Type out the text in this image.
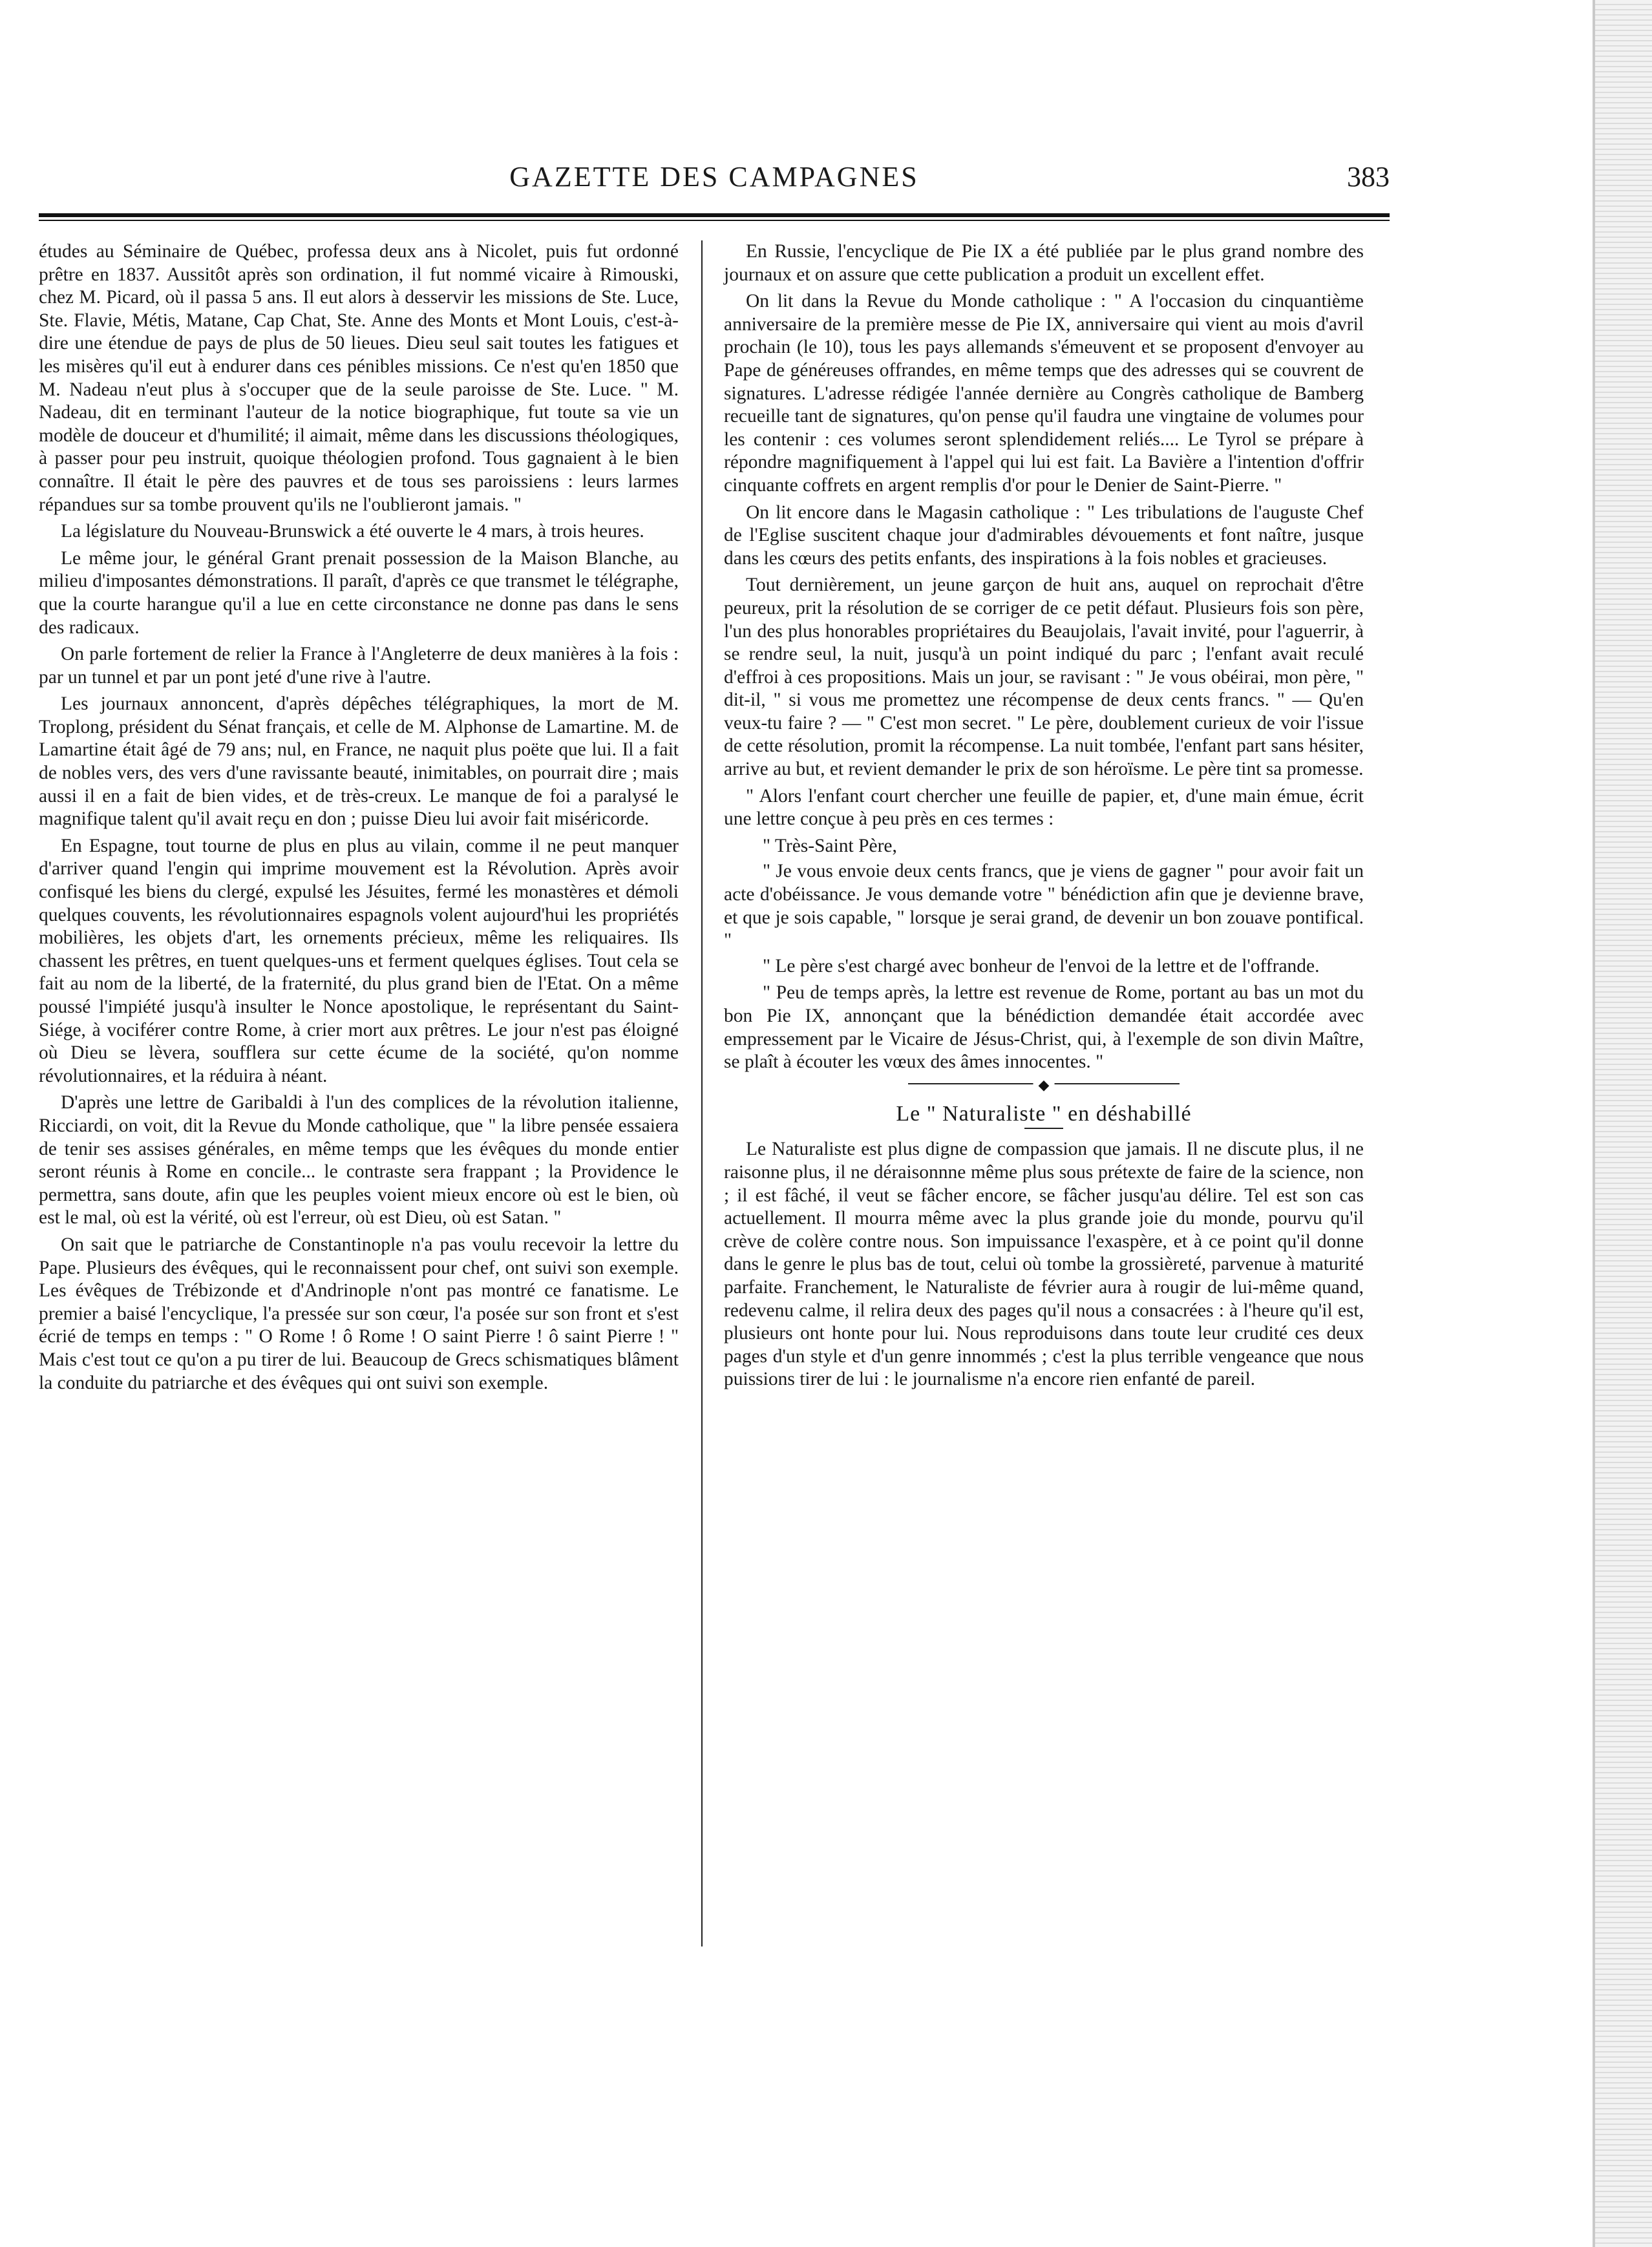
GAZETTE DES CAMPAGNES	383

études au Séminaire de Québec, professa deux ans à Nicolet, puis fut ordonné prêtre en 1837. Aussitôt après son ordination, il fut nommé vicaire à Rimouski, chez M. Picard, où il passa 5 ans. Il eut alors à desservir les missions de Ste. Luce, Ste. Flavie, Métis, Matane, Cap Chat, Ste. Anne des Monts et Mont Louis, c'est-à-dire une étendue de pays de plus de 50 lieues. Dieu seul sait toutes les fatigues et les misères qu'il eut à endurer dans ces pénibles missions. Ce n'est qu'en 1850 que M. Nadeau n'eut plus à s'occuper que de la seule paroisse de Ste. Luce. " M. Nadeau, dit en terminant l'auteur de la notice biographique, fut toute sa vie un modèle de douceur et d'humilité; il aimait, même dans les discussions théologiques, à passer pour peu instruit, quoique théologien profond. Tous gagnaient à le bien connaître. Il était le père des pauvres et de tous ses paroissiens : leurs larmes répandues sur sa tombe prouvent qu'ils ne l'oublieront jamais. "

La législature du Nouveau-Brunswick a été ouverte le 4 mars, à trois heures.

Le même jour, le général Grant prenait possession de la Maison Blanche, au milieu d'imposantes démonstrations. Il paraît, d'après ce que transmet le télégraphe, que la courte harangue qu'il a lue en cette circonstance ne donne pas dans le sens des radicaux.

On parle fortement de relier la France à l'Angleterre de deux manières à la fois : par un tunnel et par un pont jeté d'une rive à l'autre.

Les journaux annoncent, d'après dépêches télégraphiques, la mort de M. Troplong, président du Sénat français, et celle de M. Alphonse de Lamartine. M. de Lamartine était âgé de 79 ans; nul, en France, ne naquit plus poëte que lui. Il a fait de nobles vers, des vers d'une ravissante beauté, inimitables, on pourrait dire ; mais aussi il en a fait de bien vides, et de très-creux. Le manque de foi a paralysé le magnifique talent qu'il avait reçu en don ; puisse Dieu lui avoir fait miséricorde.

En Espagne, tout tourne de plus en plus au vilain, comme il ne peut manquer d'arriver quand l'engin qui imprime mouvement est la Révolution. Après avoir confisqué les biens du clergé, expulsé les Jésuites, fermé les monastères et démoli quelques couvents, les révolutionnaires espagnols volent aujourd'hui les propriétés mobilières, les objets d'art, les ornements précieux, même les reliquaires. Ils chassent les prêtres, en tuent quelques-uns et ferment quelques églises. Tout cela se fait au nom de la liberté, de la fraternité, du plus grand bien de l'Etat. On a même poussé l'impiété jusqu'à insulter le Nonce apostolique, le représentant du Saint-Siége, à vociférer contre Rome, à crier mort aux prêtres. Le jour n'est pas éloigné où Dieu se lèvera, soufflera sur cette écume de la société, qu'on nomme révolutionnaires, et la réduira à néant.

D'après une lettre de Garibaldi à l'un des complices de la révolution italienne, Ricciardi, on voit, dit la Revue du Monde catholique, que " la libre pensée essaiera de tenir ses assises générales, en même temps que les évêques du monde entier seront réunis à Rome en concile... le contraste sera frappant ; la Providence le permettra, sans doute, afin que les peuples voient mieux encore où est le bien, où est le mal, où est la vérité, où est l'erreur, où est Dieu, où est Satan. "

On sait que le patriarche de Constantinople n'a pas voulu recevoir la lettre du Pape. Plusieurs des évêques, qui le reconnaissent pour chef, ont suivi son exemple. Les évêques de Trébizonde et d'Andrinople n'ont pas montré ce fanatisme. Le premier a baisé l'encyclique, l'a pressée sur son cœur, l'a posée sur son front et s'est écrié de temps en temps : " O Rome ! ô Rome ! O saint Pierre ! ô saint Pierre ! " Mais c'est tout ce qu'on a pu tirer de lui. Beaucoup de Grecs schismatiques blâment la conduite du patriarche et des évêques qui ont suivi son exemple.

En Russie, l'encyclique de Pie IX a été publiée par le plus grand nombre des journaux et on assure que cette publication a produit un excellent effet.

On lit dans la Revue du Monde catholique : " A l'occasion du cinquantième anniversaire de la première messe de Pie IX, anniversaire qui vient au mois d'avril prochain (le 10), tous les pays allemands s'émeuvent et se proposent d'envoyer au Pape de généreuses offrandes, en même temps que des adresses qui se couvrent de signatures. L'adresse rédigée l'année dernière au Congrès catholique de Bamberg recueille tant de signatures, qu'on pense qu'il faudra une vingtaine de volumes pour les contenir : ces volumes seront splendidement reliés.... Le Tyrol se prépare à répondre magnifiquement à l'appel qui lui est fait. La Bavière a l'intention d'offrir cinquante coffrets en argent remplis d'or pour le Denier de Saint-Pierre. "

On lit encore dans le Magasin catholique : " Les tribulations de l'auguste Chef de l'Eglise suscitent chaque jour d'admirables dévouements et font naître, jusque dans les cœurs des petits enfants, des inspirations à la fois nobles et gracieuses.

Tout dernièrement, un jeune garçon de huit ans, auquel on reprochait d'être peureux, prit la résolution de se corriger de ce petit défaut. Plusieurs fois son père, l'un des plus honorables propriétaires du Beaujolais, l'avait invité, pour l'aguerrir, à se rendre seul, la nuit, jusqu'à un point indiqué du parc ; l'enfant avait reculé d'effroi à ces propositions. Mais un jour, se ravisant : " Je vous obéirai, mon père, " dit-il, " si vous me promettez une récompense de deux cents francs. " — Qu'en veux-tu faire ? — " C'est mon secret. " Le père, doublement curieux de voir l'issue de cette résolution, promit la récompense. La nuit tombée, l'enfant part sans hésiter, arrive au but, et revient demander le prix de son héroïsme. Le père tint sa promesse.

" Alors l'enfant court chercher une feuille de papier, et, d'une main émue, écrit une lettre conçue à peu près en ces termes :

" Très-Saint Père,

" Je vous envoie deux cents francs, que je viens de gagner " pour avoir fait un acte d'obéissance. Je vous demande votre " bénédiction afin que je devienne brave, et que je sois capable, " lorsque je serai grand, de devenir un bon zouave pontifical. "

" Le père s'est chargé avec bonheur de l'envoi de la lettre et de l'offrande.

" Peu de temps après, la lettre est revenue de Rome, portant au bas un mot du bon Pie IX, annonçant que la bénédiction demandée était accordée avec empressement par le Vicaire de Jésus-Christ, qui, à l'exemple de son divin Maître, se plaît à écouter les vœux des âmes innocentes. "

◆
Le " Naturaliste " en déshabillé

Le Naturaliste est plus digne de compassion que jamais. Il ne discute plus, il ne raisonne plus, il ne déraisonnne même plus sous prétexte de faire de la science, non ; il est fâché, il veut se fâcher encore, se fâcher jusqu'au délire. Tel est son cas actuellement. Il mourra même avec la plus grande joie du monde, pourvu qu'il crève de colère contre nous. Son impuissance l'exaspère, et à ce point qu'il donne dans le genre le plus bas de tout, celui où tombe la grossièreté, parvenue à maturité parfaite. Franchement, le Naturaliste de février aura à rougir de lui-même quand, redevenu calme, il relira deux des pages qu'il nous a consacrées : à l'heure qu'il est, plusieurs ont honte pour lui. Nous reproduisons dans toute leur crudité ces deux pages d'un style et d'un genre innommés ; c'est la plus terrible vengeance que nous puissions tirer de lui : le journalisme n'a encore rien enfanté de pareil.
